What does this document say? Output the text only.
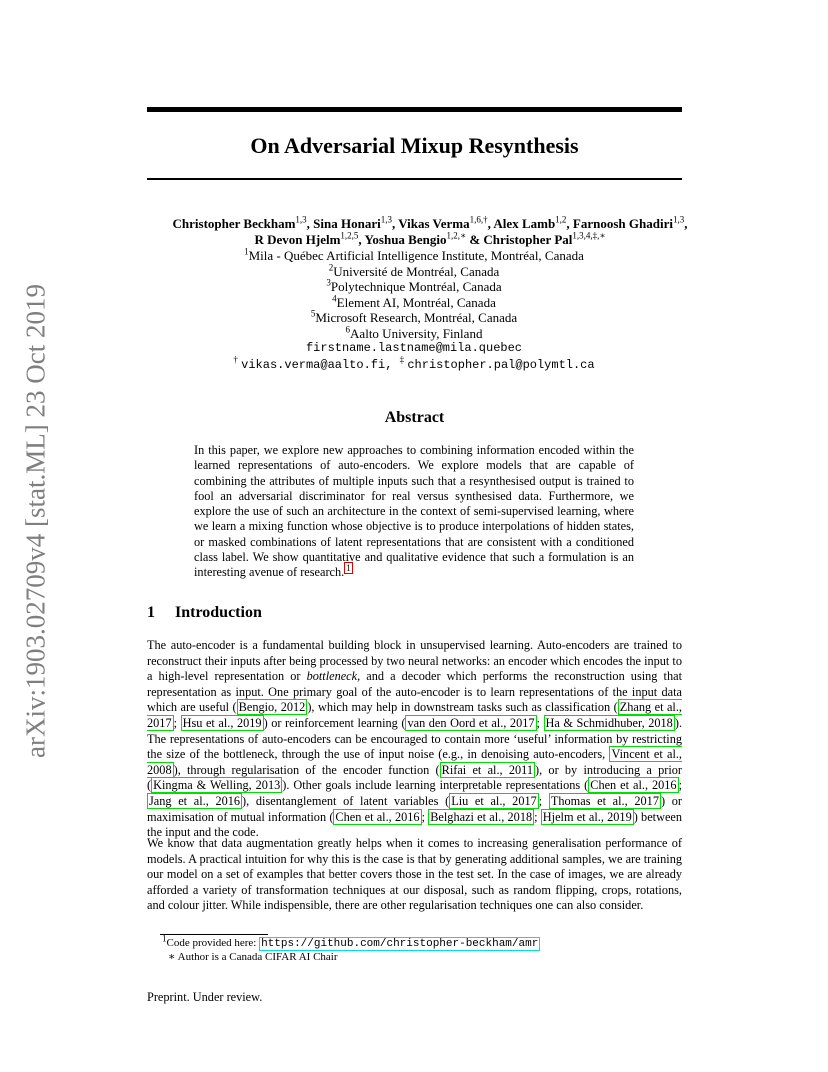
arXiv:1903.02709v4 [stat.ML] 23 Oct 2019
On Adversarial Mixup Resynthesis
Christopher Beckham$^{1,3}$, Sina Honari$^{1,3}$, Vikas Verma$^{1,6,\dagger}$, Alex Lamb$^{1,2}$, Farnoosh Ghadiri$^{1,3}$,
R Devon Hjelm$^{1,2,5}$, Yoshua Bengio$^{1,2,∗}$ & Christopher Pal$^{1,3,4,\ddagger,∗}$
$^1$Mila - Québec Artificial Intelligence Institute, Montréal, Canada
$^2$Université de Montréal, Canada
$^3$Polytechnique Montréal, Canada
$^4$Element AI, Montréal, Canada
$^5$Microsoft Research, Montréal, Canada
$^6$Aalto University, Finland
firstname.lastname@mila.quebec
† vikas.verma@aalto.fi, ‡ christopher.pal@polymtl.ca
Abstract
In this paper, we explore new approaches to combining information encoded within the learned representations of auto-encoders. We explore models that are capable of combining the attributes of multiple inputs such that a resynthesised output is trained to fool an adversarial discriminator for real versus synthesised data. Furthermore, we explore the use of such an architecture in the context of semi-supervised learning, where we learn a mixing function whose objective is to produce interpolations of hidden states, or masked combinations of latent representations that are consistent with a conditioned class label. We show quantitative and qualitative evidence that such a formulation is an interesting avenue of research. $^1$
1 Introduction
The auto-encoder is a fundamental building block in unsupervised learning. Auto-encoders are trained to reconstruct their inputs after being processed by two neural networks: an encoder which encodes the input to a high-level representation or bottleneck, and a decoder which performs the reconstruction using that representation as input. One primary goal of the auto-encoder is to learn representations of the input data which are useful ( Bengio, 2012 ), which may help in downstream tasks such as classification ( Zhang et al., 2017 ; Hsu et al., 2019 ) or reinforcement learning ( van den Oord et al., 2017 ; Ha & Schmidhuber, 2018 ). The representations of auto-encoders can be encouraged to contain more ‘useful’ information by restricting the size of the bottleneck, through the use of input noise (e.g., in denoising auto-encoders, Vincent et al., 2008 ), through regularisation of the encoder function ( Rifai et al., 2011 ), or by introducing a prior ( Kingma & Welling, 2013 ). Other goals include learning interpretable representations ( Chen et al., 2016 ; Jang et al., 2016 ), disentanglement of latent variables ( Liu et al., 2017 ; Thomas et al., 2017 ) or maximisation of mutual information ( Chen et al., 2016 ; Belghazi et al., 2018 ; Hjelm et al., 2019 ) between the input and the code.
We know that data augmentation greatly helps when it comes to increasing generalisation performance of models. A practical intuition for why this is the case is that by generating additional samples, we are training our model on a set of examples that better covers those in the test set. In the case of images, we are already afforded a variety of transformation techniques at our disposal, such as random flipping, crops, rotations, and colour jitter. While indispensible, there are other regularisation techniques one can also consider.
$^1$Code provided here: https://github.com/christopher-beckham/amr
∗ Author is a Canada CIFAR AI Chair
Preprint. Under review.
